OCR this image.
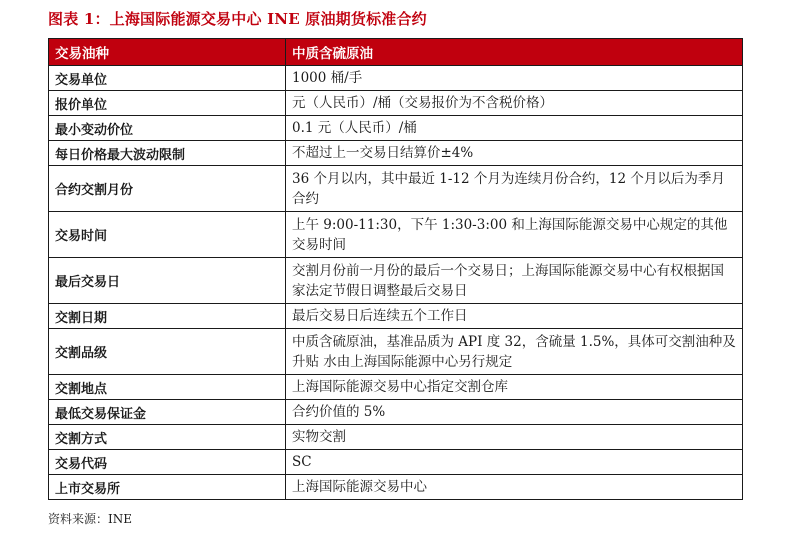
图表 1：上海国际能源交易中心 INE 原油期货标准合约
交易油种	中质含硫原油
交易单位	1000 桶/手
报价单位	元（人民币）/桶（交易报价为不含税价格）
最小变动价位	0.1 元（人民币）/桶
每日价格最大波动限制	不超过上一交易日结算价±4%
合约交割月份	36 个月以内，其中最近 1-12 个月为连续月份合约，12 个月以后为季月合约
交易时间	上午 9:00-11:30，下午 1:30-3:00 和上海国际能源交易中心规定的其他交易时间
最后交易日	交割月份前一月份的最后一个交易日；上海国际能源交易中心有权根据国家法定节假日调整最后交易日
交割日期	最后交易日后连续五个工作日
交割品级	中质含硫原油，基准品质为 API 度 32，含硫量 1.5%，具体可交割油种及升贴 水由上海国际能源中心另行规定
交割地点	上海国际能源交易中心指定交割仓库
最低交易保证金	合约价值的 5%
交割方式	实物交割
交易代码	SC
上市交易所	上海国际能源交易中心
资料来源：INE
